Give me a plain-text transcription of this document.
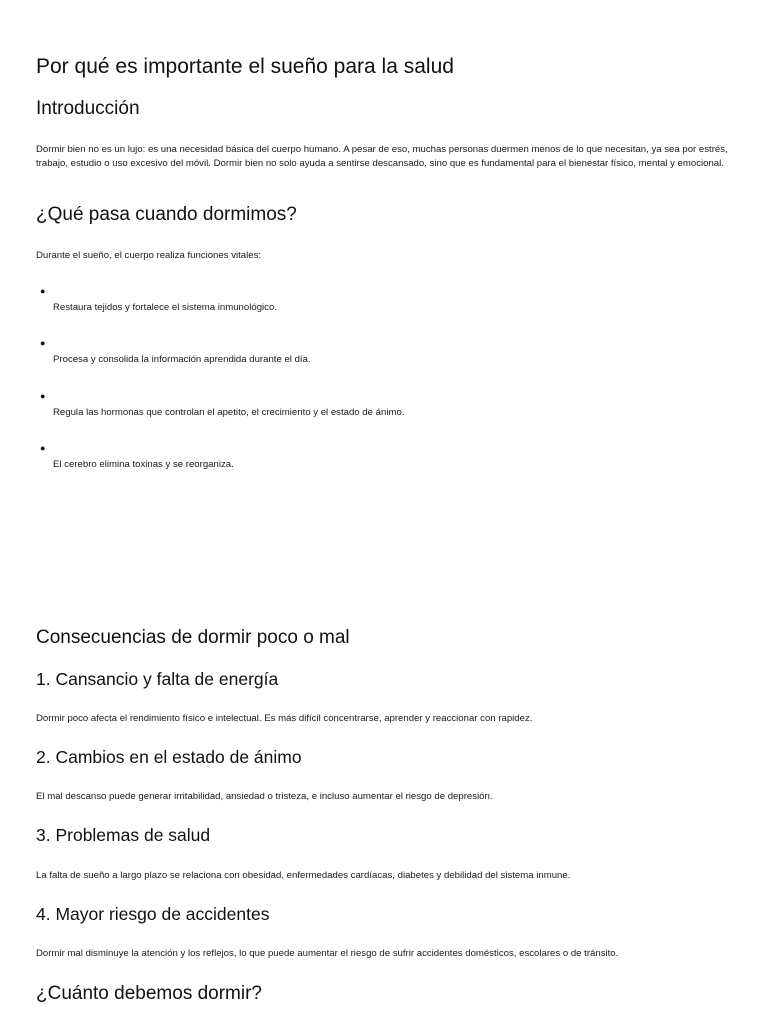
Por qué es importante el sueño para la salud
Introducción

Dormir bien no es un lujo: es una necesidad básica del cuerpo humano. A pesar de eso, muchas personas duermen menos de lo que necesitan, ya sea por estrés, trabajo, estudio o uso excesivo del móvil. Dormir bien no solo ayuda a sentirse descansado, sino que es fundamental para el bienestar físico, mental y emocional.

¿Qué pasa cuando dormimos?

Durante el sueño, el cuerpo realiza funciones vitales:

●
Restaura tejidos y fortalece el sistema inmunológico.
●
Procesa y consolida la información aprendida durante el día.
●
Regula las hormonas que controlan el apetito, el crecimiento y el estado de ánimo.
●
El cerebro elimina toxinas y se reorganiza.
Consecuencias de dormir poco o mal
1. Cansancio y falta de energía

Dormir poco afecta el rendimiento físico e intelectual. Es más difícil concentrarse, aprender y reaccionar con rapidez.

2. Cambios en el estado de ánimo

El mal descanso puede generar irritabilidad, ansiedad o tristeza, e incluso aumentar el riesgo de depresión.

3. Problemas de salud

La falta de sueño a largo plazo se relaciona con obesidad, enfermedades cardíacas, diabetes y debilidad del sistema inmune.

4. Mayor riesgo de accidentes

Dormir mal disminuye la atención y los reflejos, lo que puede aumentar el riesgo de sufrir accidentes domésticos, escolares o de tránsito.

¿Cuánto debemos dormir?
